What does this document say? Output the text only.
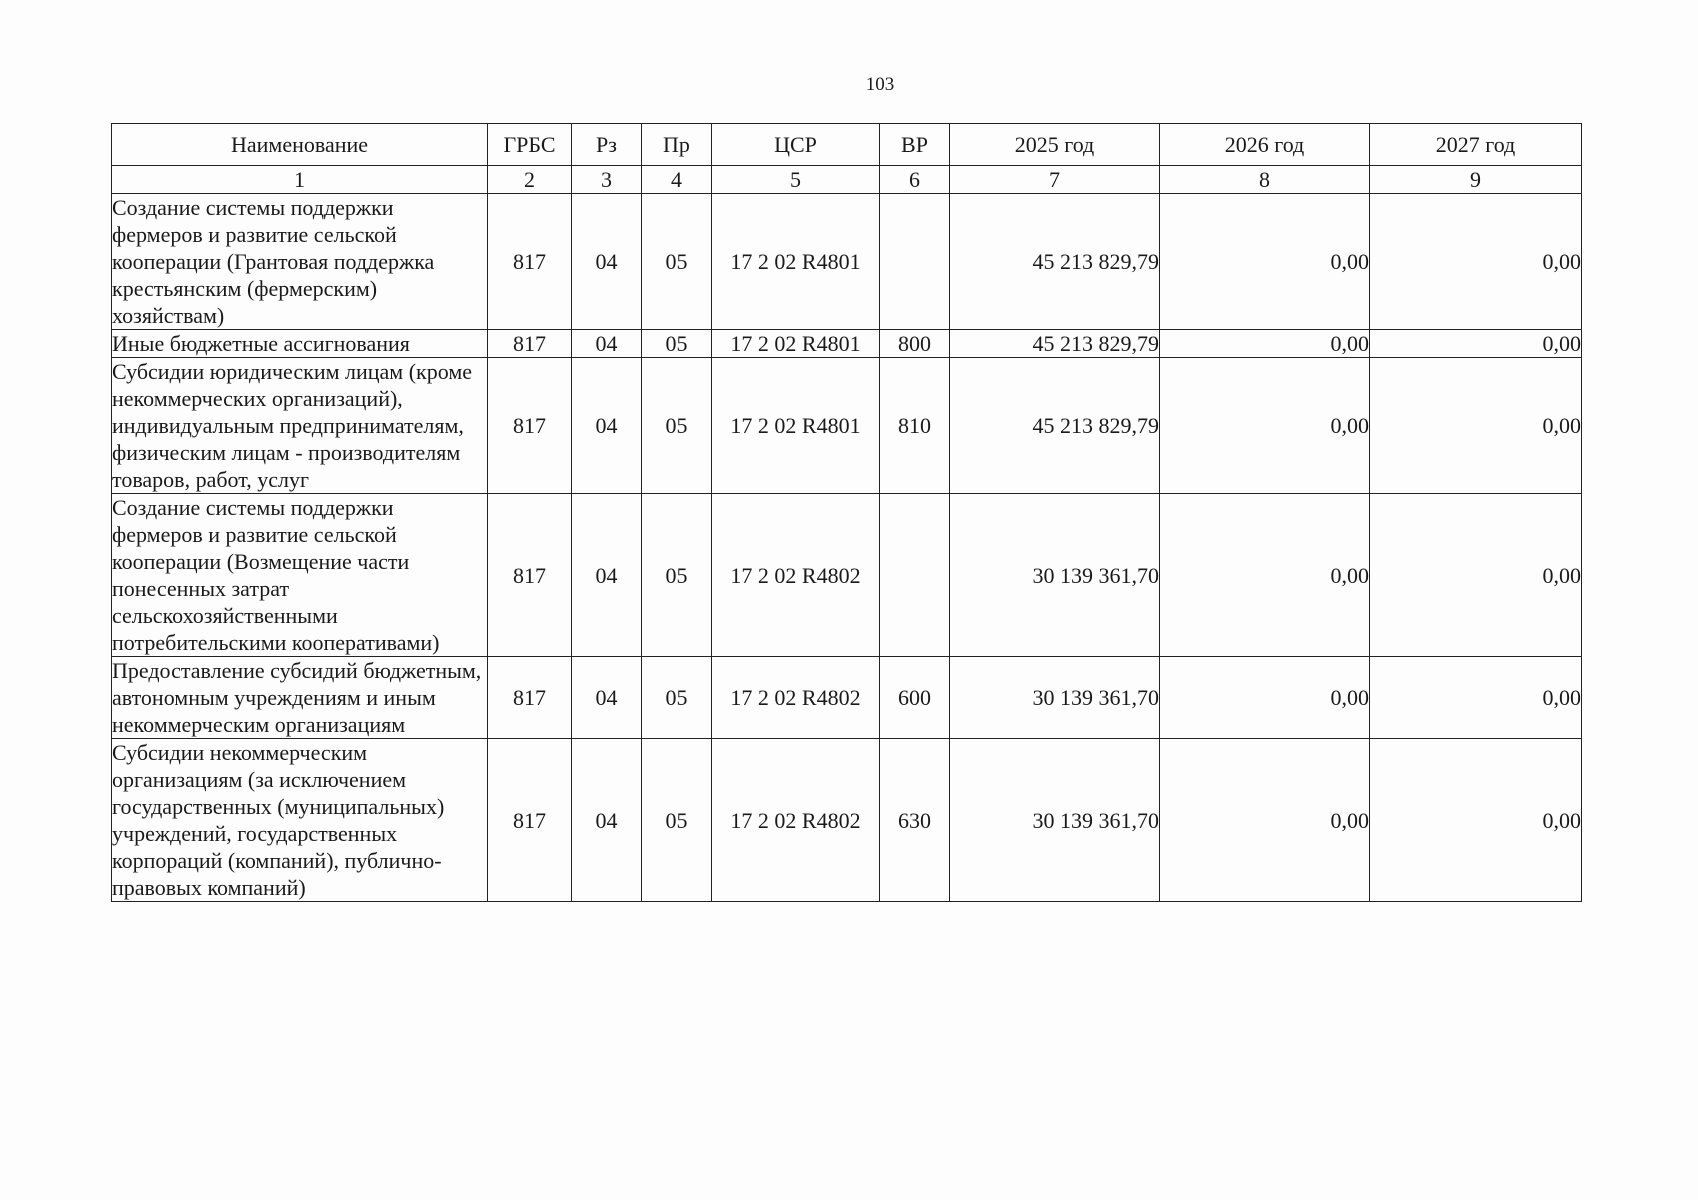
103
Наименование	ГРБС	Рз	Пр	ЦСР	ВР	2025 год	2026 год	2027 год
1	2	3	4	5	6	7	8	9
Создание системы поддержки фермеров и развитие сельской кооперации (Грантовая поддержка крестьянским (фермерским) хозяйствам)	817	04	05	17 2 02 R4801		45 213 829,79	0,00	0,00
Иные бюджетные ассигнования	817	04	05	17 2 02 R4801	800	45 213 829,79	0,00	0,00
Субсидии юридическим лицам (кроме некоммерческих организаций), индивидуальным предпринимателям, физическим лицам - производителям товаров, работ, услуг	817	04	05	17 2 02 R4801	810	45 213 829,79	0,00	0,00
Создание системы поддержки фермеров и развитие сельской кооперации (Возмещение части понесенных затрат сельскохозяйственными потребительскими кооперативами)	817	04	05	17 2 02 R4802		30 139 361,70	0,00	0,00
Предоставление субсидий бюджетным, автономным учреждениям и иным некоммерческим организациям	817	04	05	17 2 02 R4802	600	30 139 361,70	0,00	0,00
Субсидии некоммерческим организациям (за исключением государственных (муниципальных) учреждений, государственных корпораций (компаний), публично-правовых компаний)	817	04	05	17 2 02 R4802	630	30 139 361,70	0,00	0,00
